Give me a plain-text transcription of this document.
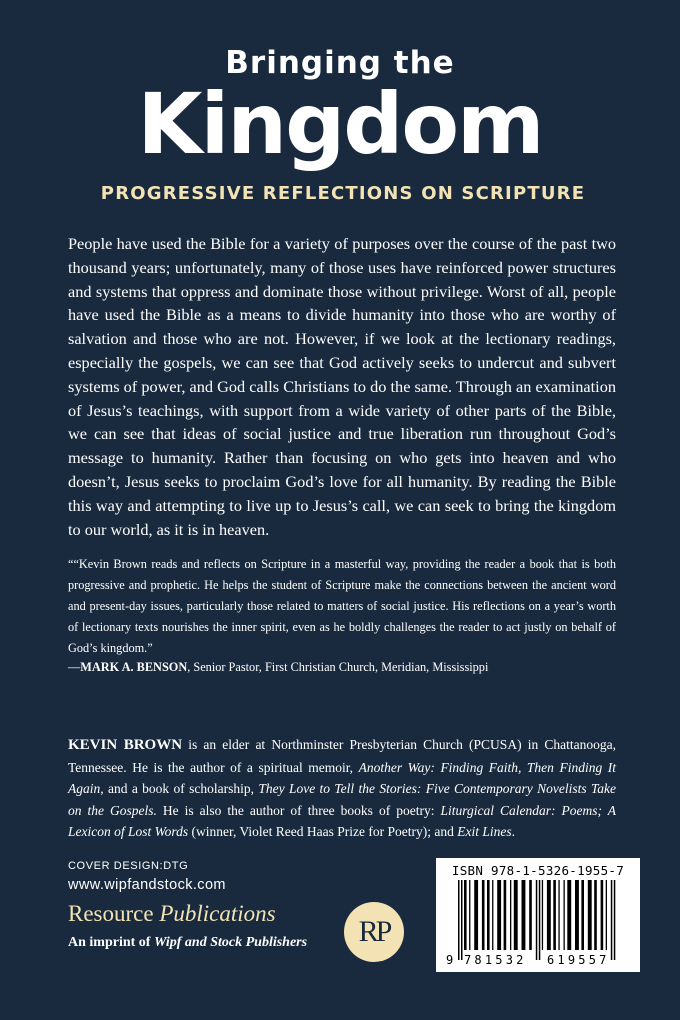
Bringing the
Kingdom
PROGRESSIVE REFLECTIONS ON SCRIPTURE
People have used the Bible for a variety of purposes over the course of the past two thousand years; unfortunately, many of those uses have reinforced power structures and systems that oppress and dominate those without privilege. Worst of all, people have used the Bible as a means to divide humanity into those who are worthy of salvation and those who are not. However, if we look at the lectionary readings, especially the gospels, we can see that God actively seeks to undercut and subvert systems of power, and God calls Christians to do the same. Through an examination of Jesus’s teachings, with support from a wide variety of other parts of the Bible, we can see that ideas of social justice and true liberation run throughout God’s message to humanity. Rather than focusing on who gets into heaven and who doesn’t, Jesus seeks to proclaim God’s love for all humanity. By reading the Bible this way and attempting to live up to Jesus’s call, we can seek to bring the kingdom to our world, as it is in heaven.
““Kevin Brown reads and reflects on Scripture in a masterful way, providing the reader a book that is both progressive and prophetic. He helps the student of Scripture make the connections between the ancient word and present-day issues, particularly those related to matters of social justice. His reflections on a year’s worth of lectionary texts nourishes the inner spirit, even as he boldly challenges the reader to act justly on behalf of God’s kingdom.”
—MARK A. BENSON, Senior Pastor, First Christian Church, Meridian, Mississippi
KEVIN BROWN is an elder at Northminster Presbyterian Church (PCUSA) in Chattanooga, Tennessee. He is the author of a spiritual memoir, Another Way: Finding Faith, Then Finding It Again, and a book of scholarship, They Love to Tell the Stories: Five Contemporary Novelists Take on the Gospels. He is also the author of three books of poetry: Liturgical Calendar: Poems; A Lexicon of Lost Words (winner, Violet Reed Haas Prize for Poetry); and Exit Lines.
COVER DESIGN:DTG
www.wipfandstock.com
Resource Publications
An imprint of Wipf and Stock Publishers RP
ISBN 978-1-5326-1955-7
9 781532 619557
